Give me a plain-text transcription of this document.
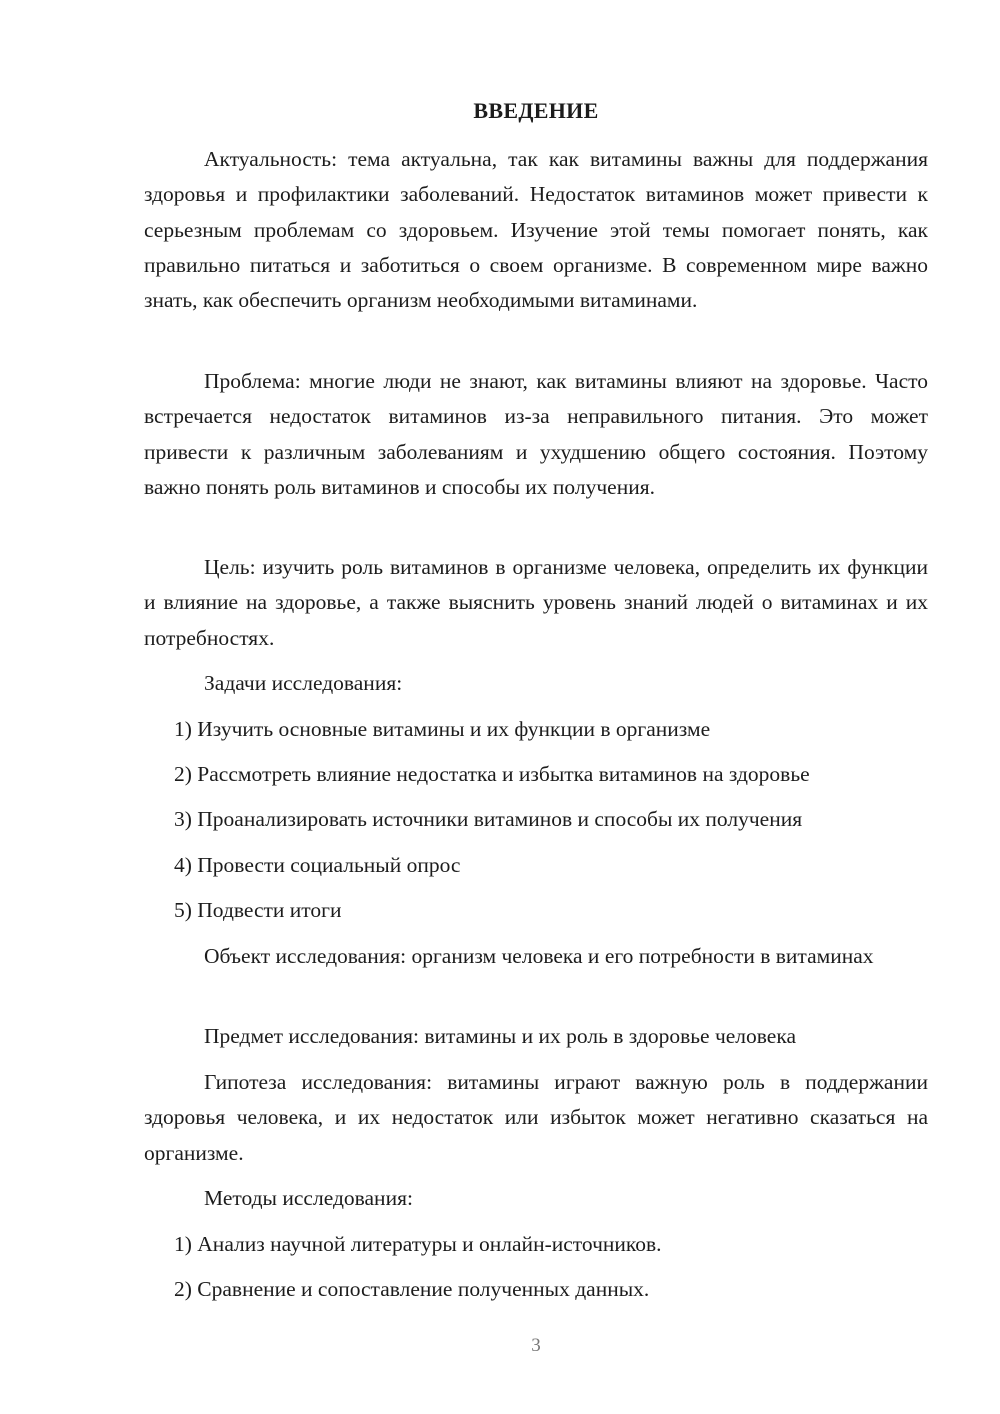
ВВЕДЕНИЕ

Актуальность: тема актуальна, так как витамины важны для поддержания здоровья и профилактики заболеваний. Недостаток витаминов может привести к серьезным проблемам со здоровьем. Изучение этой темы помогает понять, как правильно питаться и заботиться о своем организме. В современном мире важно знать, как обеспечить организм необходимыми витаминами.

Проблема: многие люди не знают, как витамины влияют на здоровье. Часто встречается недостаток витаминов из-за неправильного питания. Это может привести к различным заболеваниям и ухудшению общего состояния. Поэтому важно понять роль витаминов и способы их получения.

Цель: изучить роль витаминов в организме человека, определить их функции и влияние на здоровье, а также выяснить уровень знаний людей о витаминах и их потребностях.

Задачи исследования:

1) Изучить основные витамины и их функции в организме

2) Рассмотреть влияние недостатка и избытка витаминов на здоровье

3) Проанализировать источники витаминов и способы их получения

4) Провести социальный опрос

5) Подвести итоги

Объект исследования: организм человека и его потребности в витаминах

Предмет исследования: витамины и их роль в здоровье человека

Гипотеза исследования: витамины играют важную роль в поддержании здоровья человека, и их недостаток или избыток может негативно сказаться на организме.

Методы исследования:

1) Анализ научной литературы и онлайн-источников.

2) Сравнение и сопоставление полученных данных.

3
